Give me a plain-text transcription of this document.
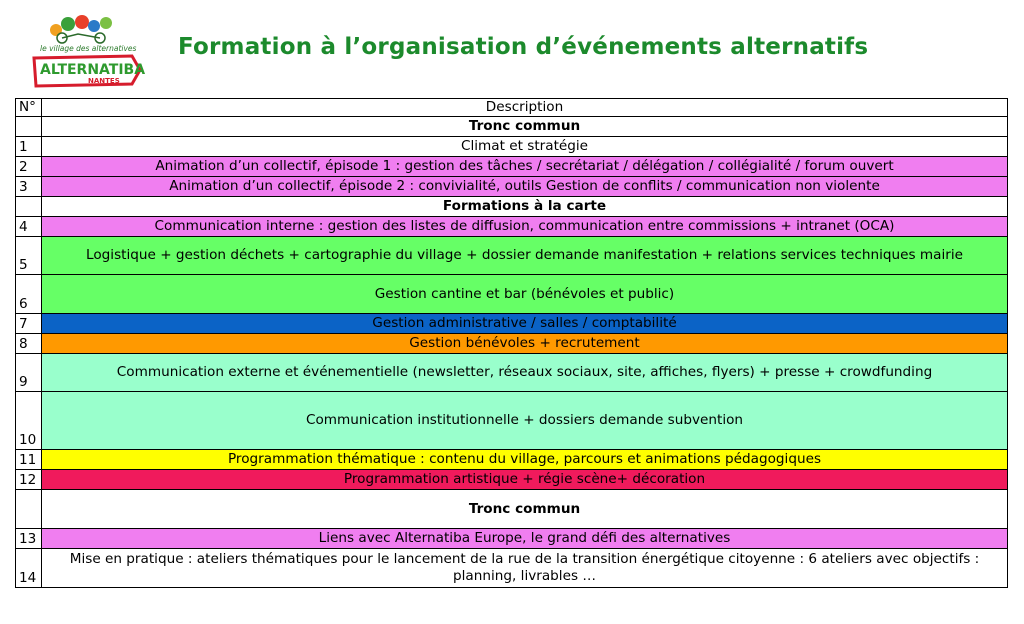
le village des alternatives
ALTERNATIBA
NANTES
Formation à l’organisation d’événements alternatifs
N°	Description
	Tronc commun
1	Climat et stratégie
2	Animation d’un collectif, épisode 1 : gestion des tâches / secrétariat / délégation / collégialité / forum ouvert
3	Animation d’un collectif, épisode 2 : convivialité, outils Gestion de conflits / communication non violente
	Formations à la carte
4	Communication interne : gestion des listes de diffusion, communication entre commissions + intranet (OCA)
5	Logistique + gestion déchets + cartographie du village + dossier demande manifestation + relations services techniques mairie
6	Gestion cantine et bar (bénévoles et public)
7	Gestion administrative / salles / comptabilité
8	Gestion bénévoles + recrutement
9	Communication externe et événementielle (newsletter, réseaux sociaux, site, affiches, flyers) + presse + crowdfunding
10	Communication institutionnelle + dossiers demande subvention
11	Programmation thématique : contenu du village, parcours et animations pédagogiques
12	Programmation artistique + régie scène+ décoration
	Tronc commun
13	Liens avec Alternatiba Europe, le grand défi des alternatives
14	Mise en pratique : ateliers thématiques pour le lancement de la rue de la transition énergétique citoyenne : 6 ateliers avec objectifs : planning, livrables …
